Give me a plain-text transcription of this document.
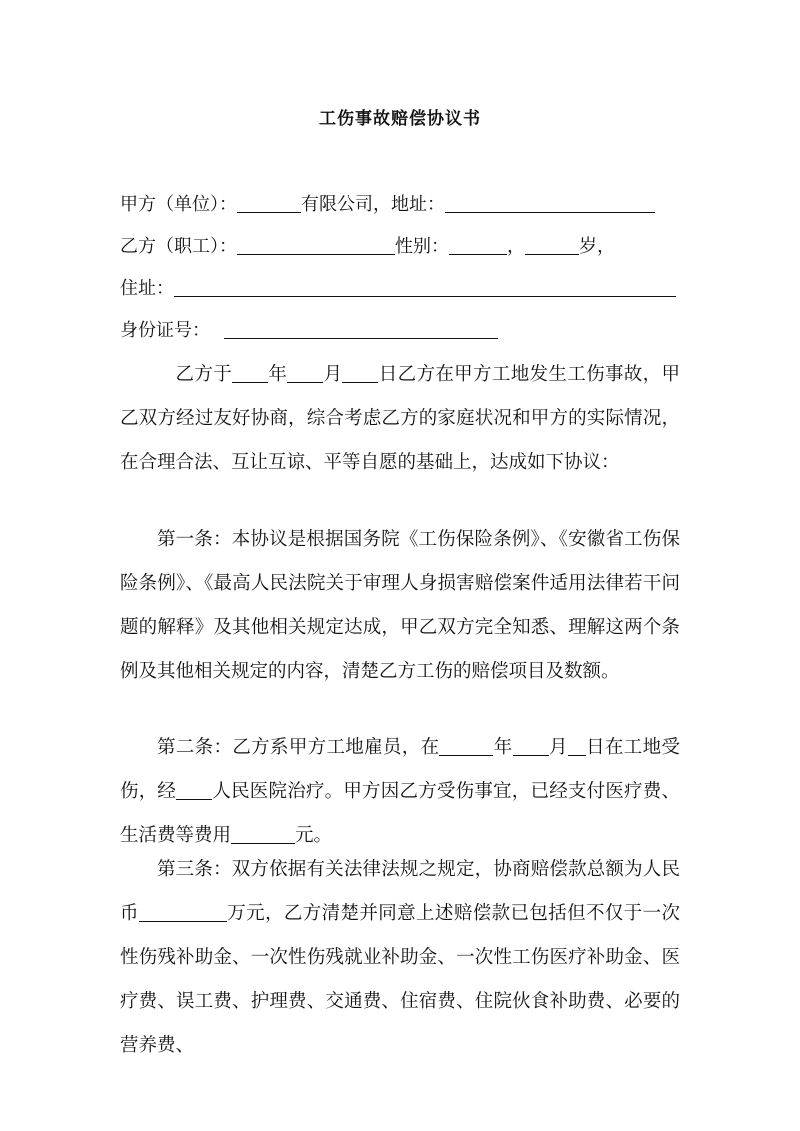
工伤事故赔偿协议书
甲方（单位）：	有限公司，地址：
乙方（职工）：	性别：	，	岁，
住址：
身份证号：
乙方于 年 月 日乙方在甲方工地发生工伤事故，甲乙双方经过友好协商，综合考虑乙方的家庭状况和甲方的实际情况，在合理合法、互让互谅、平等自愿的基础上，达成如下协议：
第一条：本协议是根据国务院《工伤保险条例》、《安徽省工伤保险条例》、《最高人民法院关于审理人身损害赔偿案件适用法律若干问题的解释》及其他相关规定达成，甲乙双方完全知悉、理解这两个条例及其他相关规定的内容，清楚乙方工伤的赔偿项目及数额。
第二条：乙方系甲方工地雇员，在	年 月 日在工地受伤，经 人民医院治疗。甲方因乙方受伤事宜，已经支付医疗费、生活费等费用	元。
第三条：双方依据有关法律法规之规定，协商赔偿款总额为人民币	万元，乙方清楚并同意上述赔偿款已包括但不仅于一次性伤残补助金、一次性伤残就业补助金、一次性工伤医疗补助金、医疗费、误工费、护理费、交通费、住宿费、住院伙食补助费、必要的营养费、
